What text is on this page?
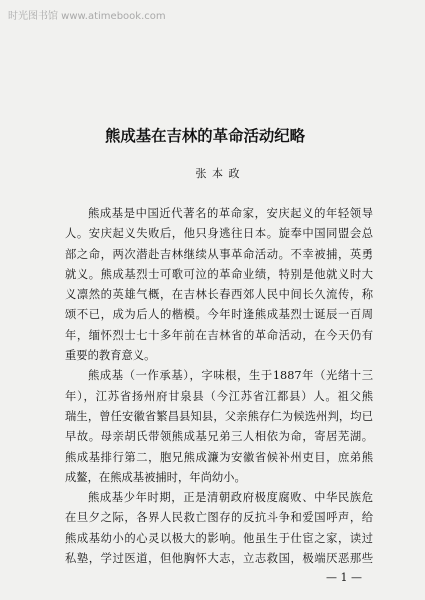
时光图书馆 www.atimebook.com
熊成基在吉林的革命活动纪略
张 本 政
熊成基是中国近代著名的革命家，安庆起义的年轻领导
人。安庆起义失败后，他只身逃往日本。旋奉中国同盟会总
部之命，两次潜赴吉林继续从事革命活动。不幸被捕，英勇
就义。熊成基烈士可歌可泣的革命业绩，特别是他就义时大
义凛然的英雄气概，在吉林长春西郊人民中间长久流传，称
颂不已，成为后人的楷模。今年时逢熊成基烈士诞辰一百周
年，缅怀烈士七十多年前在吉林省的革命活动，在今天仍有
重要的教育意义。
熊成基（一作承基），字味根，生于1887年（光绪十三
年），江苏省扬州府甘泉县（今江苏省江都县）人。祖父熊
瑞生，曾任安徽省繁昌县知县，父亲熊存仁为候选州判，均已
早故。母亲胡氏带领熊成基兄弟三人相依为命，寄居芜湖。
熊成基排行第二，胞兄熊成濂为安徽省候补州吏目，庶弟熊
成鳌，在熊成基被捕时，年尚幼小。
熊成基少年时期，正是清朝政府极度腐败、中华民族危
在旦夕之际，各界人民救亡图存的反抗斗争和爱国呼声，给
熊成基幼小的心灵以极大的影响。他虽生于仕宦之家，读过
私塾，学过医道，但他胸怀大志，立志救国，极端厌恶那些
— 1 —
